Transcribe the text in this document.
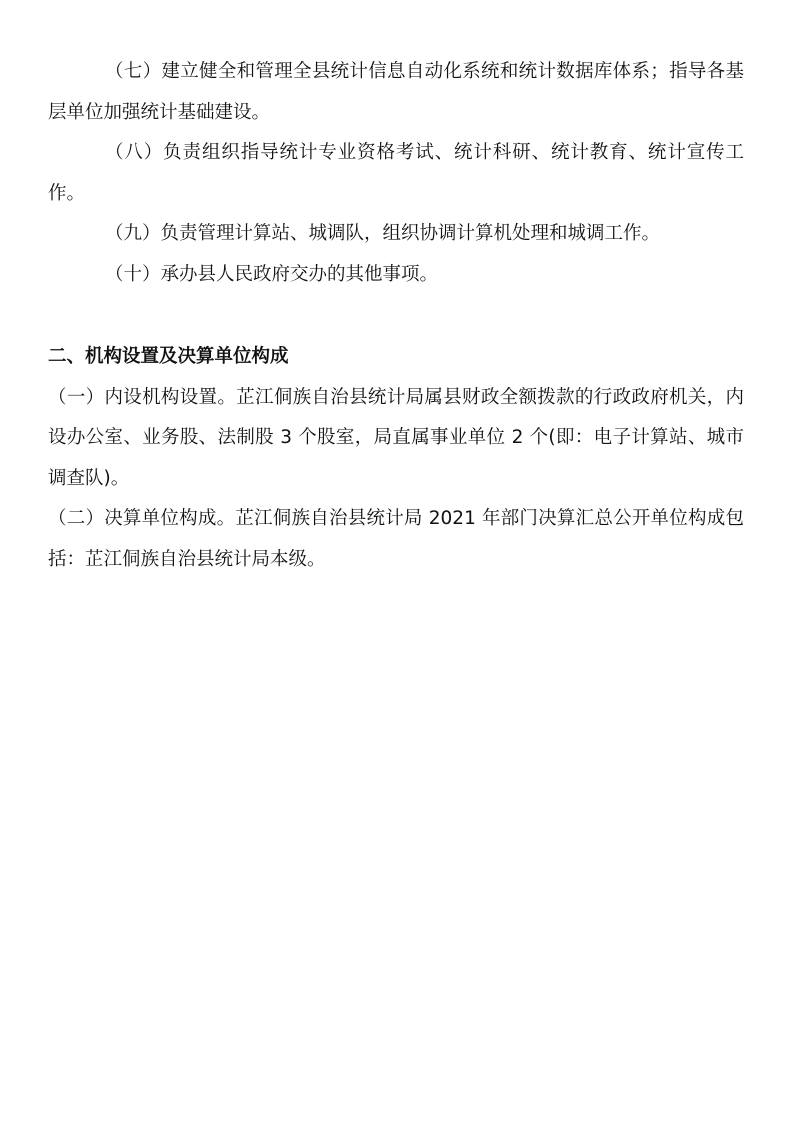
（七）建立健全和管理全县统计信息自动化系统和统计数据库体系；指导各基层单位加强统计基础建设。

（八）负责组织指导统计专业资格考试、统计科研、统计教育、统计宣传工作。

（九）负责管理计算站、城调队，组织协调计算机处理和城调工作。

（十）承办县人民政府交办的其他事项。

二、机构设置及决算单位构成

（一）内设机构设置。芷江侗族自治县统计局属县财政全额拨款的行政政府机关，内设办公室、业务股、法制股 3 个股室，局直属事业单位 2 个(即：电子计算站、城市调查队)。

（二）决算单位构成。芷江侗族自治县统计局 2021 年部门决算汇总公开单位构成包括：芷江侗族自治县统计局本级。
